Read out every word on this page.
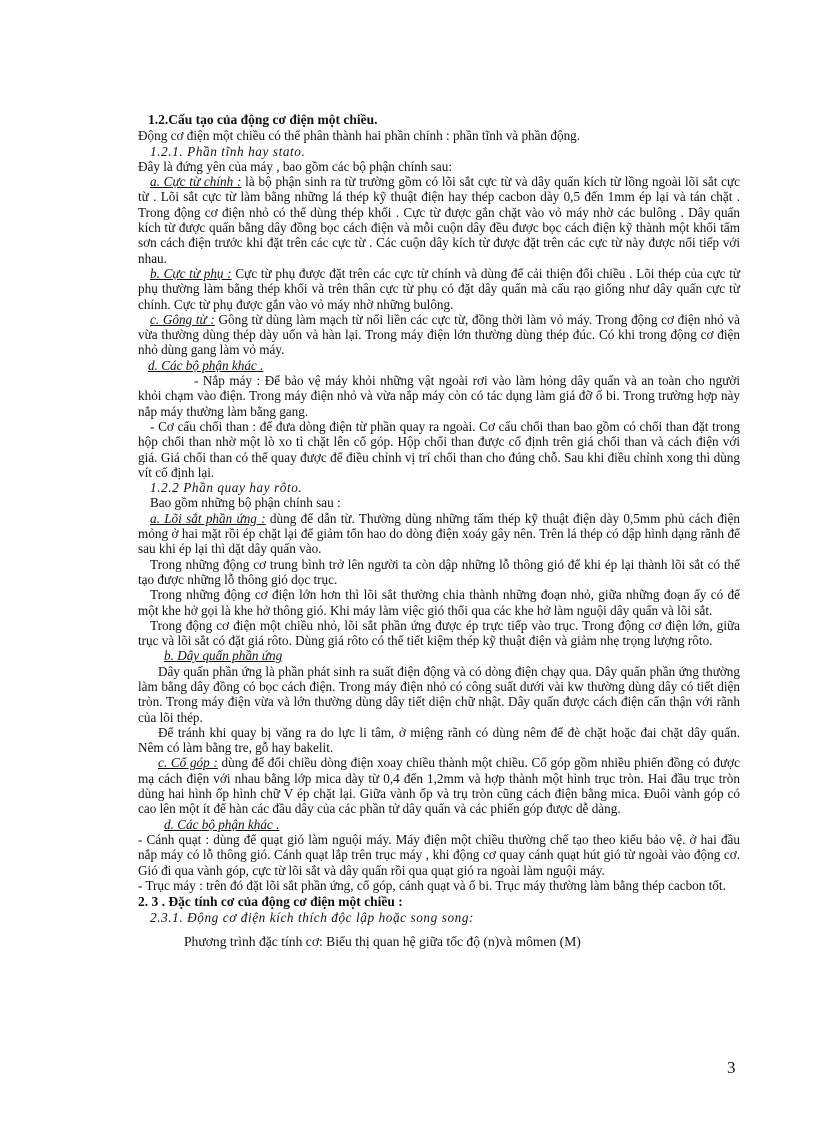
1.2.Cấu tạo của động cơ điện một chiều.

Động cơ điện một chiều có thể phân thành hai phần chính : phần tĩnh và phần động.

1.2.1. Phần tĩnh hay stato.

Đây là đứng yên của máy , bao gồm các bộ phận chính sau:

a. Cực từ chính : là bộ phận sinh ra từ trường gồm có lõi sắt cực từ và dây quấn kích từ lồng ngoài lõi sắt cực từ . Lõi sắt cực từ làm bằng những lá thép kỹ thuật điện hay thép cacbon dày 0,5 đến 1mm ép lại và tán chặt . Trong động cơ điện nhỏ có thể dùng thép khối . Cực từ được gắn chặt vào vỏ máy nhờ các bulông . Dây quấn kích từ được quấn bằng dây đồng bọc cách điện và mỗi cuộn dây đều được bọc cách điện kỹ thành một khối tẩm sơn cách điện trước khi đặt trên các cực từ . Các cuộn dây kích từ được đặt trên các cực từ này được nối tiếp với nhau.

b. Cực từ phụ : Cực từ phụ được đặt trên các cực từ chính và dùng để cải thiện đổi chiều . Lõi thép của cực từ phụ thường làm bằng thép khối và trên thân cực từ phụ có đặt dây quấn mà cấu rạo giống như dây quấn cực từ chính. Cực từ phụ được gắn vào vỏ máy nhờ những bulông.

c. Gông từ : Gông từ dùng làm mạch từ nối liền các cực từ, đồng thời làm vỏ máy. Trong động cơ điện nhỏ và vừa thường dùng thép dày uốn và hàn lại. Trong máy điện lớn thường dùng thép đúc. Có khi trong động cơ điện nhỏ dùng gang làm vỏ máy.

d. Các bộ phận khác .

- Nắp máy : Để bảo vệ máy khỏi những vật ngoài rơi vào làm hỏng dây quấn và an toàn cho người khỏi chạm vào điện. Trong máy điện nhỏ và vừa nắp máy còn có tác dụng làm giá đỡ ổ bi. Trong trường hợp này nắp máy thường làm bằng gang.

- Cơ cấu chổi than : để đưa dòng điện từ phần quay ra ngoài. Cơ cấu chổi than bao gồm có chổi than đặt trong hộp chổi than nhờ một lò xo tì chặt lên cổ góp. Hộp chổi than được cố định trên giá chổi than và cách điện với giá. Giá chổi than có thể quay được để điều chỉnh vị trí chổi than cho đúng chỗ. Sau khi điều chỉnh xong thì dùng vít cố định lại.

1.2.2 Phần quay hay rôto.

Bao gồm những bộ phận chính sau :

a. Lõi sắt phần ứng : dùng để dẫn từ. Thường dùng những tấm thép kỹ thuật điện dày 0,5mm phủ cách điện mỏng ở hai mặt rồi ép chặt lại để giảm tổn hao do dòng điện xoáy gây nên. Trên lá thép có dập hình dạng rãnh để sau khi ép lại thì dặt dây quấn vào.

Trong những động cơ trung bình trở lên người ta còn dập những lỗ thông gió để khi ép lại thành lõi sắt có thể tạo được những lỗ thông gió dọc trục.

Trong những động cơ điện lớn hơn thì lõi sắt thường chia thành những đoạn nhỏ, giữa những đoạn ấy có để một khe hở gọi là khe hở thông gió. Khi máy làm việc gió thổi qua các khe hở làm nguội dây quấn và lõi sắt.

Trong động cơ điện một chiều nhỏ, lõi sắt phần ứng được ép trực tiếp vào trục. Trong động cơ điện lớn, giữa trục và lõi sắt có đặt giá rôto. Dùng giá rôto có thể tiết kiệm thép kỹ thuật điện và giảm nhẹ trọng lượng rôto.

b. Dây quấn phần ứng

Dây quấn phần ứng là phần phát sinh ra suất điện động và có dòng điện chạy qua. Dây quấn phần ứng thường làm bằng dây đồng có bọc cách điện. Trong máy điện nhỏ có công suất dưới vài kw thường dùng dây có tiết diện tròn. Trong máy điện vừa và lớn thường dùng dây tiết diện chữ nhật. Dây quấn được cách điện cẩn thận với rãnh của lõi thép.

Để tránh khi quay bị văng ra do lực li tâm, ở miệng rãnh có dùng nêm để đè chặt hoặc đai chặt dây quấn. Nêm có làm bằng tre, gỗ hay bakelit.

c. Cổ góp : dùng để đổi chiều dòng điện xoay chiều thành một chiều. Cổ góp gồm nhiều phiến đồng có được mạ cách điện với nhau bằng lớp mica dày từ 0,4 đến 1,2mm và hợp thành một hình trục tròn. Hai đầu trục tròn dùng hai hình ốp hình chữ V ép chặt lại. Giữa vành ốp và trụ tròn cũng cách điện bằng mica. Đuôi vành góp có cao lên một ít để hàn các đầu dây của các phần tử dây quấn và các phiến góp được dễ dàng.

d. Các bộ phận khác .

- Cánh quạt : dùng để quạt gió làm nguội máy. Máy điện một chiều thường chế tạo theo kiểu bảo vệ. ở hai đầu nắp máy có lỗ thông gió. Cánh quạt lắp trên trục máy , khi động cơ quay cánh quạt hút gió từ ngoài vào động cơ. Gió đi qua vành góp, cực từ lõi sắt và dây quấn rồi qua quạt gió ra ngoài làm nguội máy.

- Trục máy : trên đó đặt lõi sắt phần ứng, cổ góp, cánh quạt và ổ bi. Trục máy thường làm bằng thép cacbon tốt.

2. 3 . Đặc tính cơ của động cơ điện một chiều :

2.3.1. Động cơ điện kích thích độc lập hoặc song song:

Phương trình đặc tính cơ: Biểu thị quan hệ giữa tốc độ (n)và mômen (M)

3
